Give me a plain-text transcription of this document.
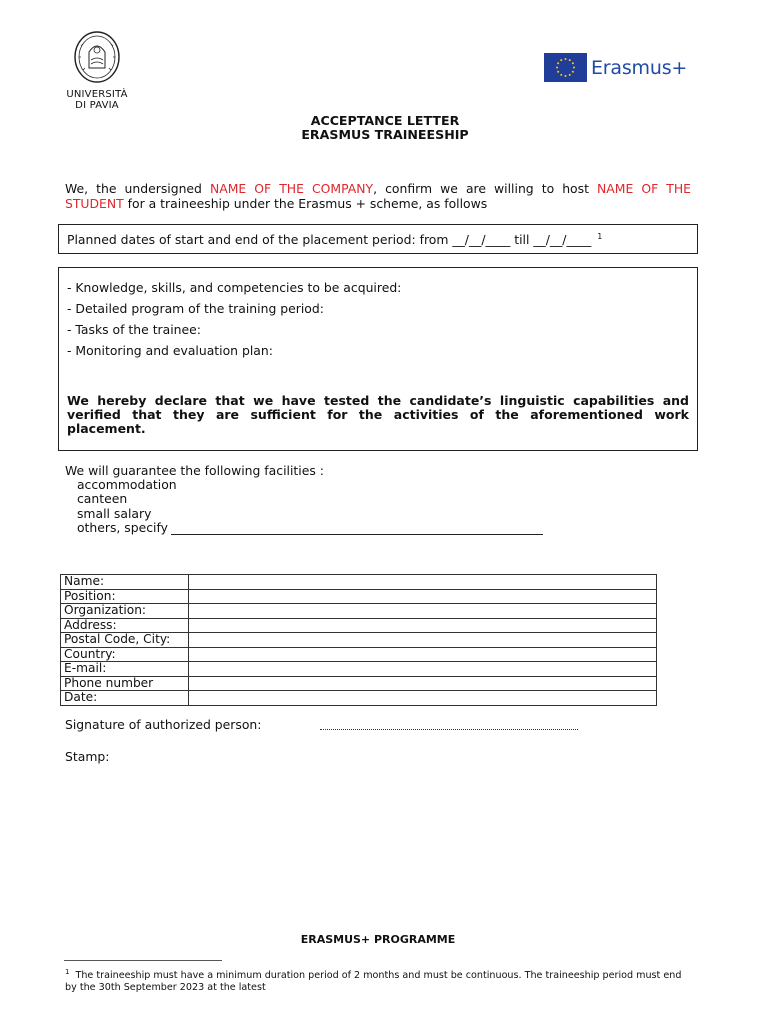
UNIVERSITÀ
DI PAVIA
Erasmus+
ACCEPTANCE LETTER
ERASMUS TRAINEESHIP
We, the undersigned NAME OF THE COMPANY, confirm we are willing to host NAME OF THE STUDENT for a traineeship under the Erasmus + scheme, as follows
Planned dates of start and end of the placement period: from __/__/____ till __/__/____ $^1$
- Knowledge, skills, and competencies to be acquired:
- Detailed program of the training period:
- Tasks of the trainee:
- Monitoring and evaluation plan:
We hereby declare that we have tested the candidate’s linguistic capabilities and verified that they are sufficient for the activities of the aforementioned work placement.
We will guarantee the following facilities :
accommodation
canteen
small salary

others, specify
Name:	
Position:	
Organization:	
Address:	
Postal Code, City:	
Country:	
E-mail:	
Phone number	
Date:	
Signature of authorized person:
Stamp:
ERASMUS+ PROGRAMME
$^1$ The traineeship must have a minimum duration period of 2 months and must be continuous. The traineeship period must end by the 30th September 2023 at the latest
